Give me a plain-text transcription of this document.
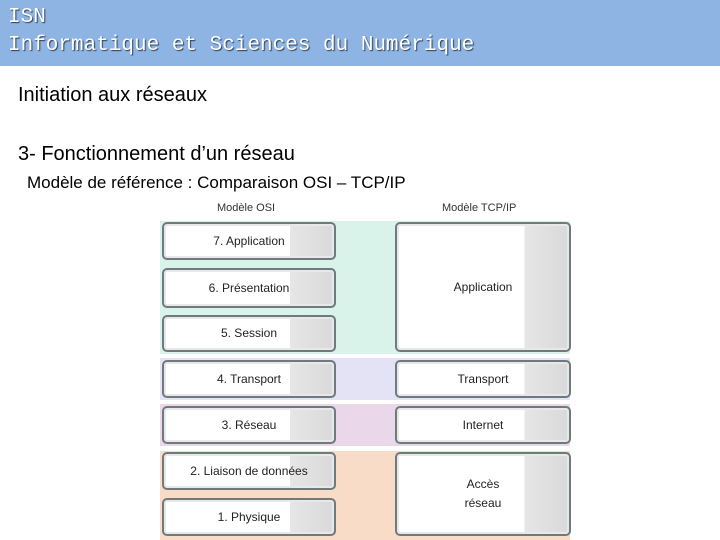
ISN
Informatique et Sciences du Numérique
Initiation aux réseaux
3- Fonctionnement d’un réseau
Modèle de référence : Comparaison OSI – TCP/IP
Modèle OSI	Modèle TCP/IP
7. Application
6. Présentation
5. Session
4. Transport
3. Réseau
2. Liaison de données
1. Physique
Application
Transport
Internet
Accès réseau
